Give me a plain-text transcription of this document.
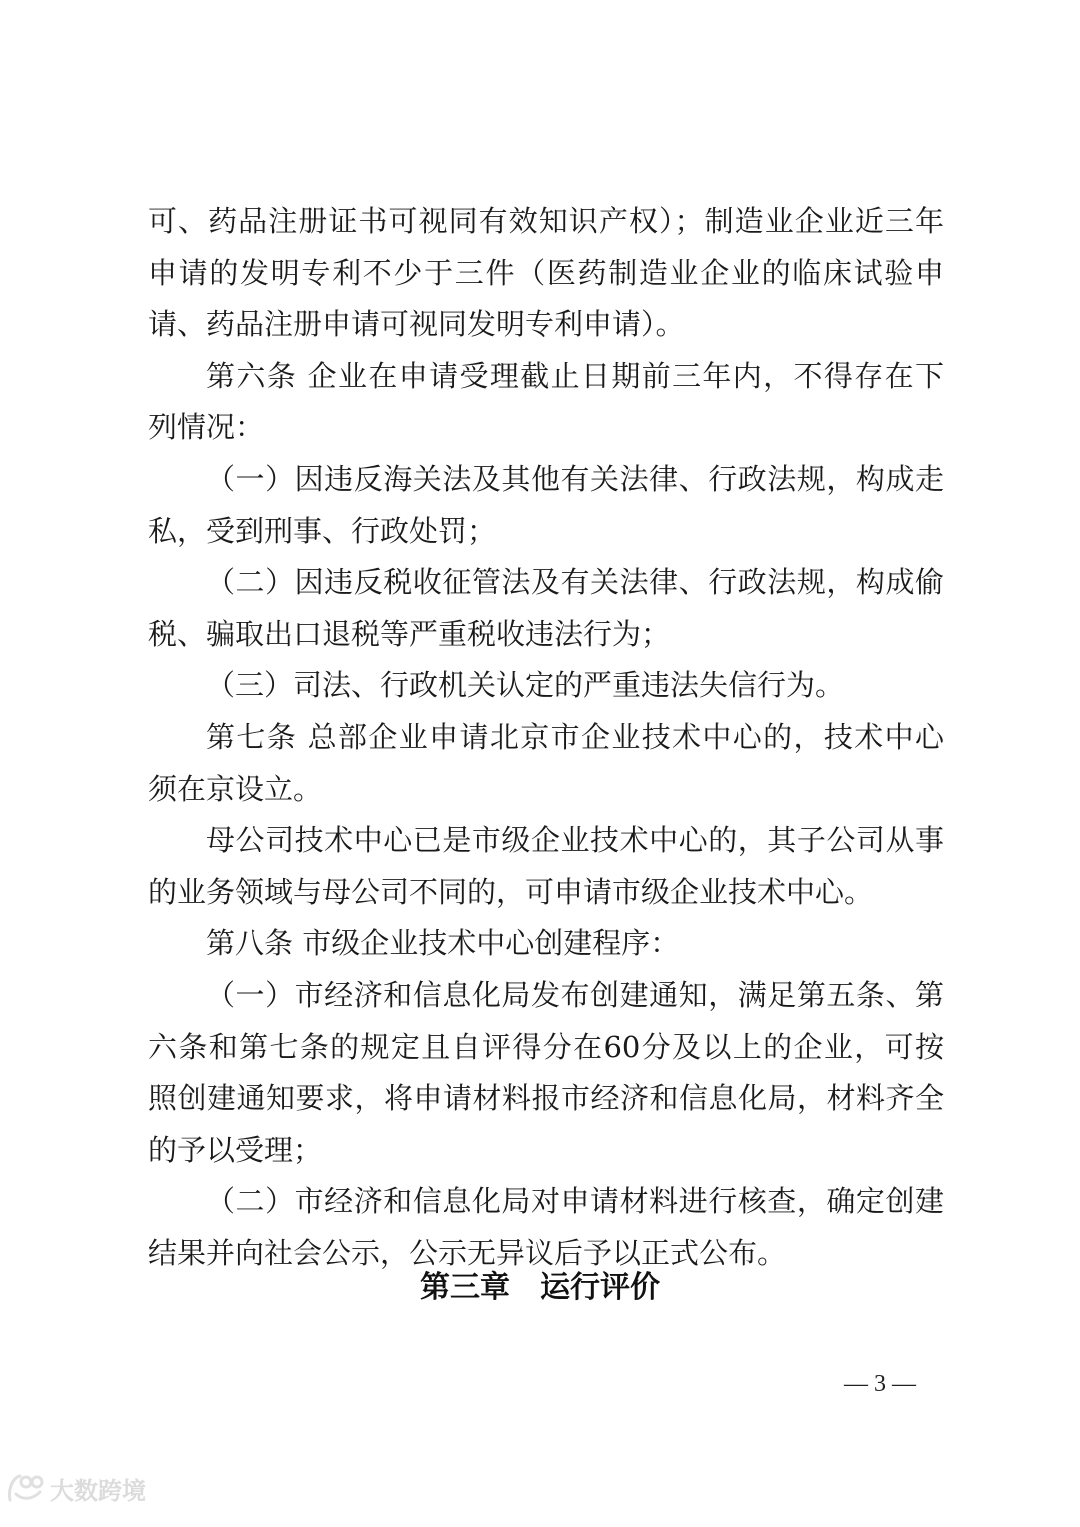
可、药品注册证书可视同有效知识产权）；制造业企业近三年
申请的发明专利不少于三件（医药制造业企业的临床试验申
请、药品注册申请可视同发明专利申请）。
第六条 企业在申请受理截止日期前三年内，不得存在下
列情况：
（一）因违反海关法及其他有关法律、行政法规，构成走
私，受到刑事、行政处罚；
（二）因违反税收征管法及有关法律、行政法规，构成偷
税、骗取出口退税等严重税收违法行为；
（三）司法、行政机关认定的严重违法失信行为。
第七条 总部企业申请北京市企业技术中心的，技术中心
须在京设立。
母公司技术中心已是市级企业技术中心的，其子公司从事
的业务领域与母公司不同的，可申请市级企业技术中心。
第八条 市级企业技术中心创建程序：
（一）市经济和信息化局发布创建通知，满足第五条、第
六条和第七条的规定且自评得分在60分及以上的企业，可按
照创建通知要求，将申请材料报市经济和信息化局，材料齐全
的予以受理；
（二）市经济和信息化局对申请材料进行核查，确定创建
结果并向社会公示，公示无异议后予以正式公布。
第三章　运行评价
— 3 —
大数跨境
